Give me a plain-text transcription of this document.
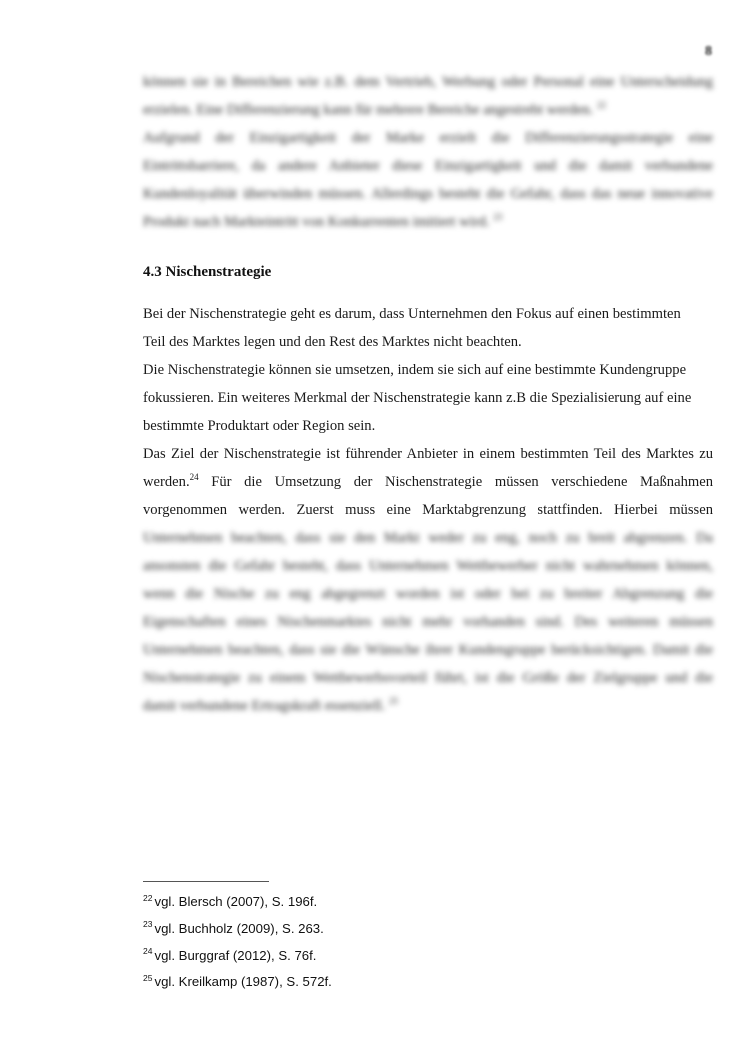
8
können sie in Bereichen wie z.B. dem Vertrieb, Werbung oder Personal eine Unterscheidung
erzielen. Eine Differenzierung kann für mehrere Bereiche angestrebt werden. $^{22}$
Aufgrund der Einzigartigkeit der Marke erzielt die Differenzierungsstrategie eine
Eintrittsbarriere, da andere Anbieter diese Einzigartigkeit und die damit verbundene
Kundenloyalität überwinden müssen. Allerdings besteht die Gefahr, dass das neue innovative
Produkt nach Markteintritt von Konkurrenten imitiert wird. $^{23}$
4.3 Nischenstrategie
Bei der Nischenstrategie geht es darum, dass Unternehmen den Fokus auf einen bestimmten
Teil des Marktes legen und den Rest des Marktes nicht beachten.
Die Nischenstrategie können sie umsetzen, indem sie sich auf eine bestimmte Kundengruppe
fokussieren. Ein weiteres Merkmal der Nischenstrategie kann z.B die Spezialisierung auf eine
bestimmte Produktart oder Region sein.
Das Ziel der Nischenstrategie ist führender Anbieter in einem bestimmten Teil des Marktes zu
werden.$^{24}$ Für die Umsetzung der Nischenstrategie müssen verschiedene Maßnahmen
vorgenommen werden. Zuerst muss eine Marktabgrenzung stattfinden. Hierbei müssen
Unternehmen beachten, dass sie den Markt weder zu eng, noch zu breit abgrenzen. Da
ansonsten die Gefahr besteht, dass Unternehmen Wettbewerber nicht wahrnehmen können,
wenn die Nische zu eng abgegrenzt worden ist oder bei zu breiter Abgrenzung die
Eigenschaften eines Nischenmarktes nicht mehr vorhanden sind. Des weiteren müssen
Unternehmen beachten, dass sie die Wünsche ihrer Kundengruppe berücksichtigen. Damit die
Nischenstrategie zu einem Wettbewerbsvorteil führt, ist die Größe der Zielgruppe und die
damit verbundene Ertragskraft essenziell. $^{25}$
$^{22}$ vgl. Blersch (2007), S. 196f.
$^{23}$ vgl. Buchholz (2009), S. 263.
$^{24}$ vgl. Burggraf (2012), S. 76f.
$^{25}$ vgl. Kreilkamp (1987), S. 572f.
